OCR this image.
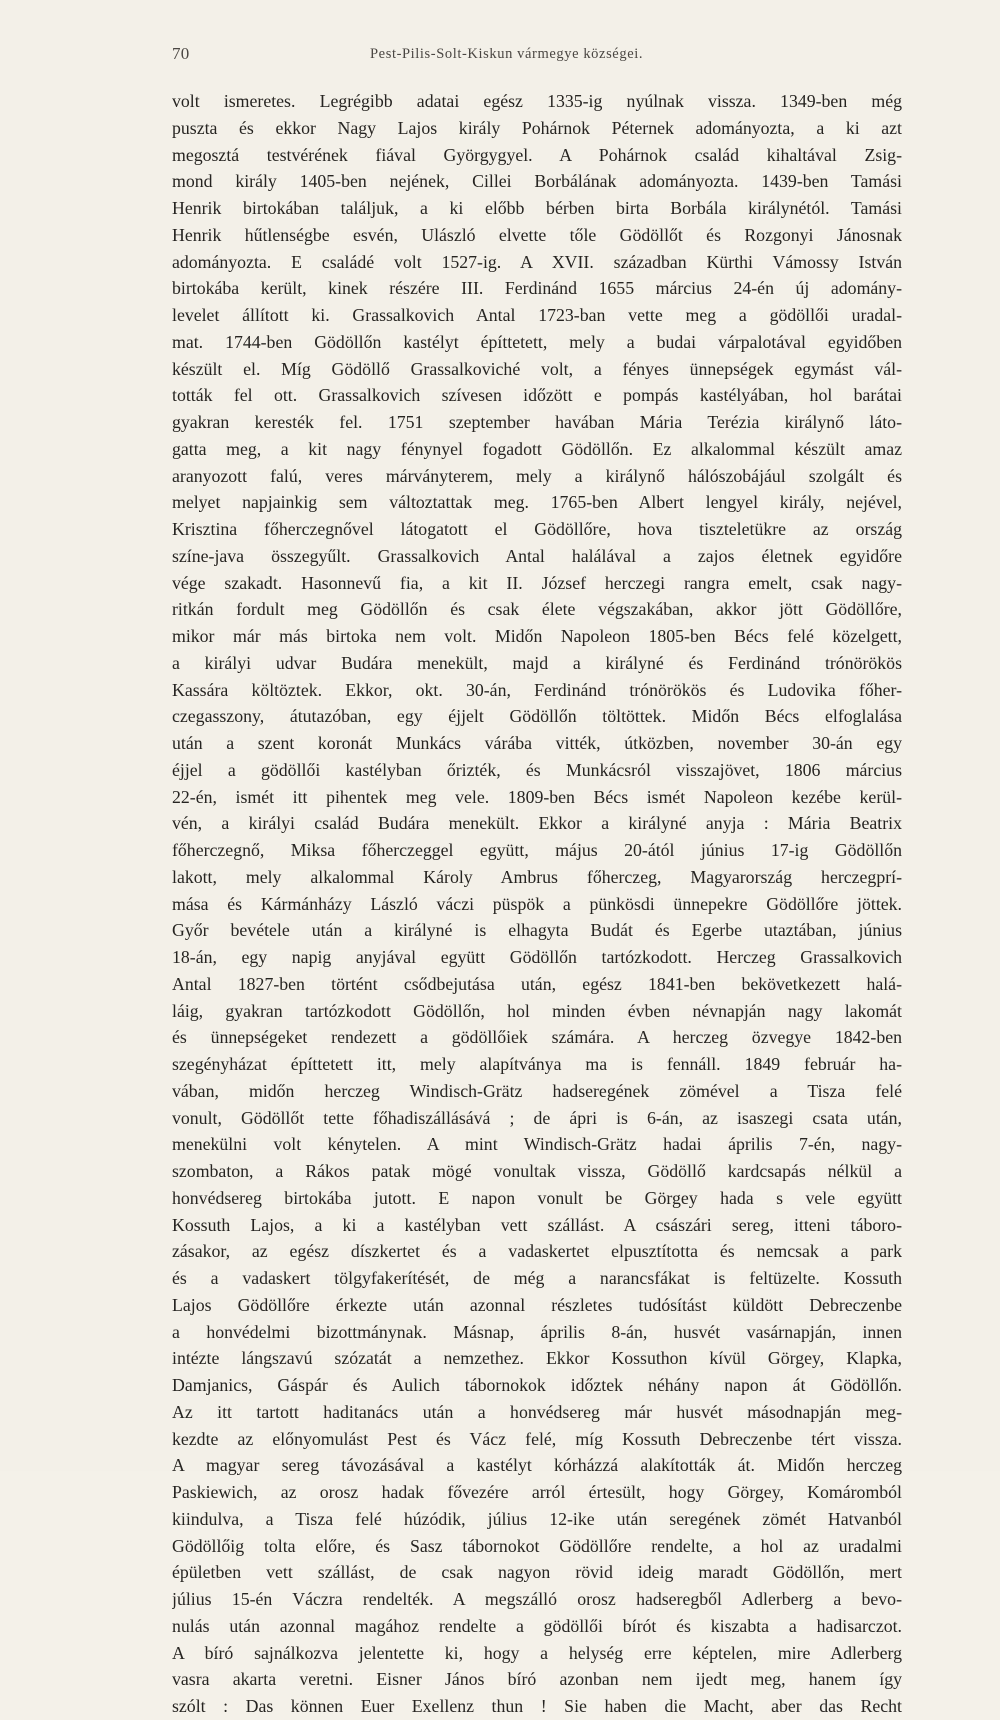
70	Pest-Pilis-Solt-Kiskun vármegye községei.
volt ismeretes. Legrégibb adatai egész 1335-ig nyúlnak vissza. 1349-ben még
puszta és ekkor Nagy Lajos király Pohárnok Péternek adományozta, a ki azt
megosztá testvérének fiával Györgygyel. A Pohárnok család kihaltával Zsig-
mond király 1405-ben nejének, Cillei Borbálának adományozta. 1439-ben Tamási
Henrik birtokában találjuk, a ki előbb bérben birta Borbála királynétól. Tamási
Henrik hűtlenségbe esvén, Ulászló elvette tőle Gödöllőt és Rozgonyi Jánosnak
adományozta. E családé volt 1527-ig. A XVII. században Kürthi Vámossy István
birtokába került, kinek részére III. Ferdinánd 1655 március 24-én új adomány-
levelet állított ki. Grassalkovich Antal 1723-ban vette meg a gödöllői uradal-
mat. 1744-ben Gödöllőn kastélyt építtetett, mely a budai várpalotával egyidőben
készült el. Míg Gödöllő Grassalkoviché volt, a fényes ünnepségek egymást vál-
tották fel ott. Grassalkovich szívesen időzött e pompás kastélyában, hol barátai
gyakran keresték fel. 1751 szeptember havában Mária Terézia királynő láto-
gatta meg, a kit nagy fénynyel fogadott Gödöllőn. Ez alkalommal készült amaz
aranyozott falú, veres márványterem, mely a királynő hálószobájául szolgált és
melyet napjainkig sem változtattak meg. 1765-ben Albert lengyel király, nejével,
Krisztina főherczegnővel látogatott el Gödöllőre, hova tiszteletükre az ország
színe-java összegyűlt. Grassalkovich Antal halálával a zajos életnek egyidőre
vége szakadt. Hasonnevű fia, a kit II. József herczegi rangra emelt, csak nagy-
ritkán fordult meg Gödöllőn és csak élete végszakában, akkor jött Gödöllőre,
mikor már más birtoka nem volt. Midőn Napoleon 1805-ben Bécs felé közelgett,
a királyi udvar Budára menekült, majd a királyné és Ferdinánd trónörökös
Kassára költöztek. Ekkor, okt. 30-án, Ferdinánd trónörökös és Ludovika főher-
czegasszony, átutazóban, egy éjjelt Gödöllőn töltöttek. Midőn Bécs elfoglalása
után a szent koronát Munkács várába vitték, útközben, november 30-án egy
éjjel a gödöllői kastélyban őrizték, és Munkácsról visszajövet, 1806 március
22-én, ismét itt pihentek meg vele. 1809-ben Bécs ismét Napoleon kezébe kerül-
vén, a királyi család Budára menekült. Ekkor a királyné anyja : Mária Beatrix
főherczegnő, Miksa főherczeggel együtt, május 20-ától június 17-ig Gödöllőn
lakott, mely alkalommal Károly Ambrus főherczeg, Magyarország herczegprí-
mása és Kármánházy László váczi püspök a pünkösdi ünnepekre Gödöllőre jöttek.
Győr bevétele után a királyné is elhagyta Budát és Egerbe utaztában, június
18-án, egy napig anyjával együtt Gödöllőn tartózkodott. Herczeg Grassalkovich
Antal 1827-ben történt csődbejutása után, egész 1841-ben bekövetkezett halá-
láig, gyakran tartózkodott Gödöllőn, hol minden évben névnapján nagy lakomát
és ünnepségeket rendezett a gödöllőiek számára. A herczeg özvegye 1842-ben
szegényházat építtetett itt, mely alapítványa ma is fennáll. 1849 február ha-
vában, midőn herczeg Windisch-Grätz hadseregének zömével a Tisza felé
vonult, Gödöllőt tette főhadiszállásává ; de ápri is 6-án, az isaszegi csata után,
menekülni volt kénytelen. A mint Windisch-Grätz hadai április 7-én, nagy-
szombaton, a Rákos patak mögé vonultak vissza, Gödöllő kardcsapás nélkül a
honvédsereg birtokába jutott. E napon vonult be Görgey hada s vele együtt
Kossuth Lajos, a ki a kastélyban vett szállást. A császári sereg, itteni táboro-
zásakor, az egész díszkertet és a vadaskertet elpusztította és nemcsak a park
és a vadaskert tölgyfakerítését, de még a narancsfákat is feltüzelte. Kossuth
Lajos Gödöllőre érkezte után azonnal részletes tudósítást küldött Debreczenbe
a honvédelmi bizottmánynak. Másnap, április 8-án, husvét vasárnapján, innen
intézte lángszavú szózatát a nemzethez. Ekkor Kossuthon kívül Görgey, Klapka,
Damjanics, Gáspár és Aulich tábornokok időztek néhány napon át Gödöllőn.
Az itt tartott haditanács után a honvédsereg már husvét másodnapján meg-
kezdte az előnyomulást Pest és Vácz felé, míg Kossuth Debreczenbe tért vissza.
A magyar sereg távozásával a kastélyt kórházzá alakították át. Midőn herczeg
Paskiewich, az orosz hadak fővezére arról értesült, hogy Görgey, Komáromból
kiindulva, a Tisza felé húzódik, július 12-ike után seregének zömét Hatvanból
Gödöllőig tolta előre, és Sasz tábornokot Gödöllőre rendelte, a hol az uradalmi
épületben vett szállást, de csak nagyon rövid ideig maradt Gödöllőn, mert
július 15-én Váczra rendelték. A megszálló orosz hadseregből Adlerberg a bevo-
nulás után azonnal magához rendelte a gödöllői bírót és kiszabta a hadisarczot.
A bíró sajnálkozva jelentette ki, hogy a helység erre képtelen, mire Adlerberg
vasra akarta veretni. Eisner János bíró azonban nem ijedt meg, hanem így
szólt : Das können Euer Exellenz thun ! Sie haben die Macht, aber das Recht
